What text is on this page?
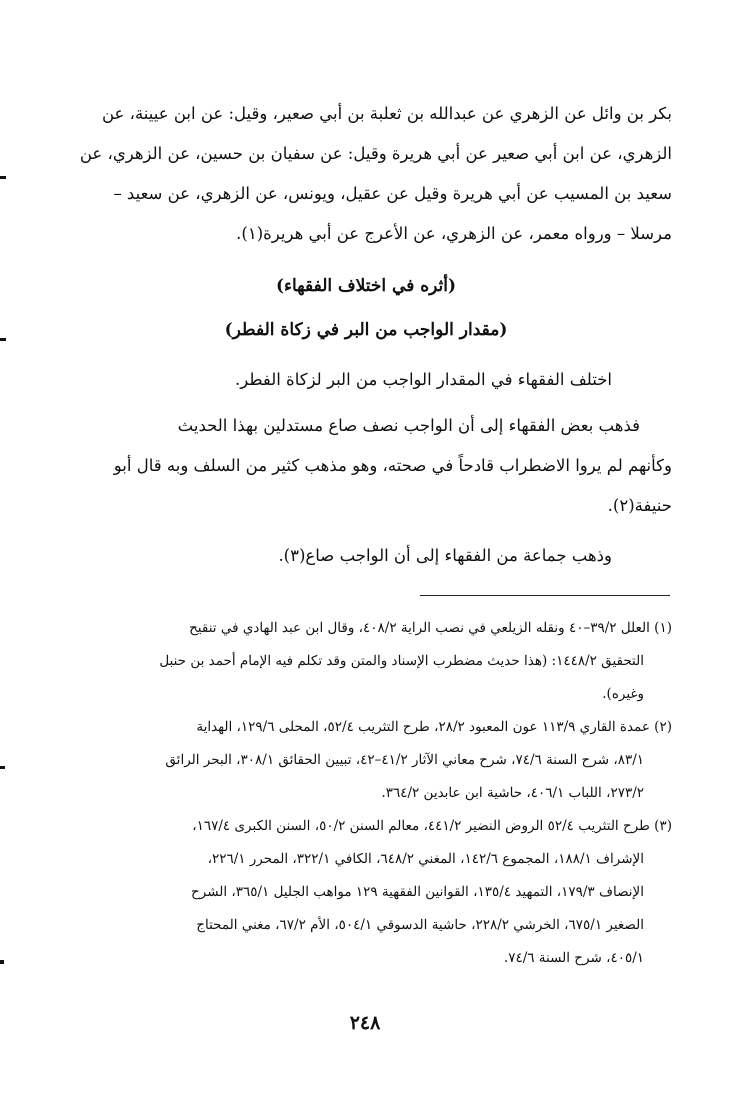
بكر بن وائل عن الزهري عن عبدالله بن ثعلبة بن أبي صعير، وقيل: عن ابن عيينة، عن
الزهري، عن ابن أبي صعير عن أبي هريرة وقيل: عن سفيان بن حسين، عن الزهري، عن
سعيد بن المسيب عن أبي هريرة وقيل عن عقيل، ويونس، عن الزهري، عن سعيد –
مرسلا – ورواه معمر، عن الزهري، عن الأعرج عن أبي هريرة(١).
(أثره في اختلاف الفقهاء)
(مقدار الواجب من البر في زكاة الفطر)
اختلف الفقهاء في المقدار الواجب من البر لزكاة الفطر.
فذهب بعض الفقهاء إلى أن الواجب نصف صاع مستدلين بهذا الحديث
وكأنهم لم يروا الاضطراب قادحاً في صحته، وهو مذهب كثير من السلف وبه قال أبو
حنيفة(٢).
وذهب جماعة من الفقهاء إلى أن الواجب صاع(٣).
(١) العلل ٣٩/٢–٤٠ ونقله الزيلعي في نصب الراية ٤٠٨/٢، وقال ابن عبد الهادي في تنقيح
التحقيق ١٤٤٨/٢: (هذا حديث مضطرب الإسناد والمتن وقد تكلم فيه الإمام أحمد بن حنبل
وغيره).
(٢) عمدة القاري ١١٣/٩ عون المعبود ٢٨/٢، طرح التثريب ٥٢/٤، المحلى ١٢٩/٦، الهداية
٨٣/١، شرح السنة ٧٤/٦، شرح معاني الآثار ٤١/٢–٤٢، تبيين الحقائق ٣٠٨/١، البحر الرائق
٢٧٣/٢، اللباب ٤٠٦/١، حاشية ابن عابدين ٣٦٤/٢.
(٣) طرح التثريب ٥٢/٤ الروض النضير ٤٤١/٢، معالم السنن ٥٠/٢، السنن الكبرى ١٦٧/٤،
الإشراف ١٨٨/١، المجموع ١٤٢/٦، المغني ٦٤٨/٢، الكافي ٣٢٢/١، المحرر ٢٢٦/١،
الإنصاف ١٧٩/٣، التمهيد ١٣٥/٤، القوانين الفقهية ١٢٩ مواهب الجليل ٣٦٥/١، الشرح
الصغير ٦٧٥/١، الخرشي ٢٢٨/٢، حاشية الدسوقي ٥٠٤/١، الأم ٦٧/٢، مغني المحتاج
٤٠٥/١، شرح السنة ٧٤/٦.
٢٤٨
